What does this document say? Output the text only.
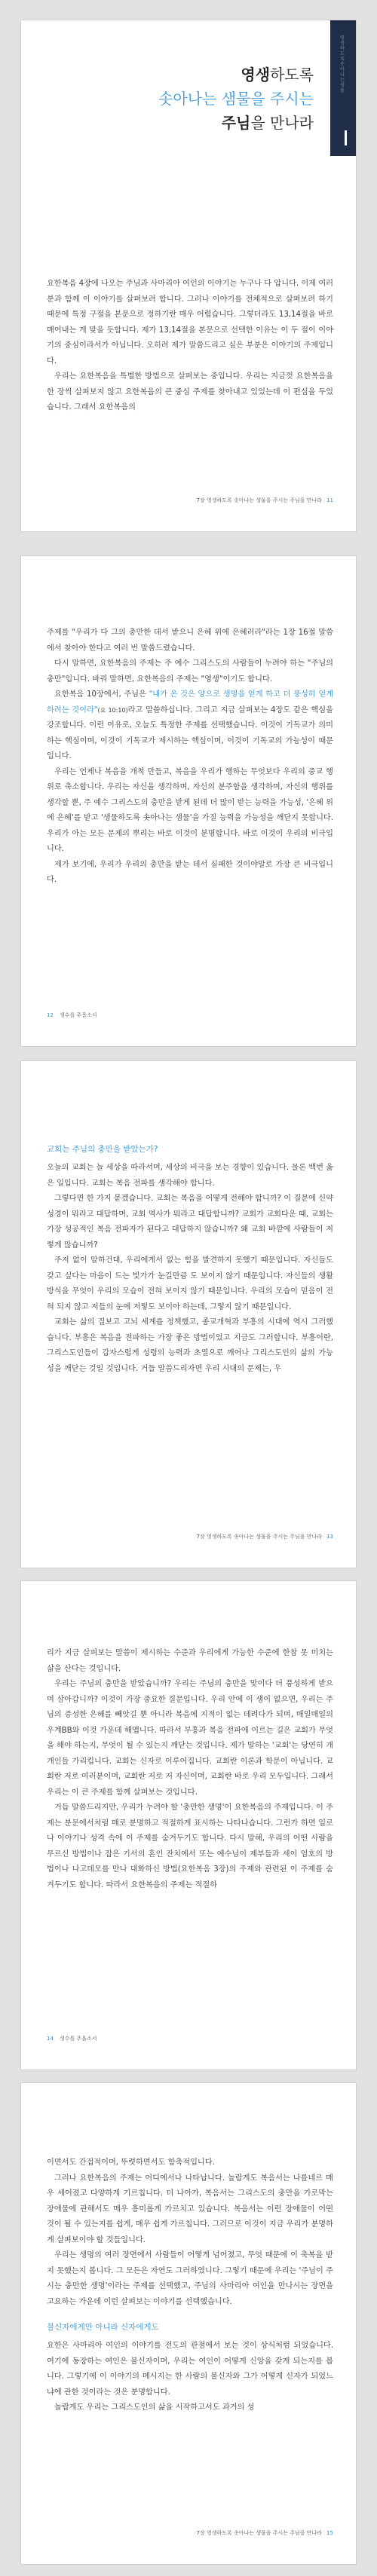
영생하도록 솟아나는 생물
영생하도록
솟아나는 샘물을 주시는
주님을 만나라

요한복음 4장에 나오는 주님과 사마리아 여인의 이야기는 누구나 다 압니다. 이제 여러분과 함께 이 이야기를 살펴보려 합니다. 그러나 이야기를 전체적으로 살펴보려 하기 때문에 특정 구절을 본문으로 정하기란 매우 어렵습니다. 그렇더라도 13,14절을 바로 매어내는 게 맞을 듯합니다. 제가 13,14절을 본문으로 선택한 이유는 이 두 절이 이야기의 중심이라서가 아닙니다. 오히려 제가 말씀드리고 싶은 부분은 이야기의 주제입니다.

우리는 요한복음을 특별한 방법으로 살펴보는 중입니다. 우리는 지금껏 요한복음을 한 장씩 살펴보지 않고 요한복음의 큰 중심 주제를 찾아내고 있었는데 이 편심을 두었습니다. 그래서 요한복음의

7장 영생하도록 솟아나는 생물을 주시는 주님을 만나라 11

주제를 "우리가 다 그의 충만한 데서 받으니 은혜 위에 은혜러라"라는 1장 16절 말씀에서 찾아야 한다고 여러 번 말씀드렸습니다.

다시 말하면, 요한복음의 주제는 주 예수 그리스도의 사람들이 누려야 하는 "주님의 충만"입니다. 바꿔 말하면, 요한복음의 주제는 "영생"이기도 합니다.

요한복음 10장에서, 주님은 "내가 온 것은 양으로 생명을 얻게 하고 더 풍성히 얻게 하려는 것이라"(요 10:10)라고 말씀하십니다. 그리고 지금 살펴보는 4장도 같은 핵심을 강조합니다. 이런 이유로, 오늘도 특정한 주제를 선택했습니다. 이것이 기독교가 의미하는 핵심이며, 이것이 기독교가 제시하는 핵심이며, 이것이 기독교의 가능성이 때문입니다.

우리는 언제나 복음을 개척 만들고, 복음을 우리가 행하는 무엇보다 우리의 중교 행위로 축소합니다. 우리는 자신을 생각하며, 자신의 분주함을 생각하며, 자신의 행위를 생각할 뿐, 주 예수 그리스도의 충만을 받게 된데 더 많이 받는 능력을 가능성, '은혜 위에 은혜'를 받고 '생물하도록 솟아나는 샘물'을 가질 능력을 가능성을 깨닫지 못합니다. 우리가 아는 모든 문제의 뿌리는 바로 이것이 분명합니다. 바로 이것이 우리의 비극입니다.

제가 보기에, 우리가 우리의 충만을 받는 데서 실패한 것이야말로 가장 큰 비극입니다.

12 생수를 주옵소서
교회는 주님의 충만을 받았는가?

오늘의 교회는 늘 세상을 따라서며, 세상의 비극을 보는 경향이 있습니다. 물론 백번 옳은 일입니다. 교회는 복음 전파를 생각해야 합니다.

그렇다면 한 가지 묻겠습니다. 교회는 복음을 어떻게 전해야 합니까? 이 질문에 신약성경이 뭐라고 대답하며, 교회 역사가 뭐라고 대답합니까? 교회가 교회다운 때, 교회는 가장 성공적인 복음 전파자가 된다고 대답하지 않습니까? 왜 교회 바깥에 사람들이 저렇게 많습니까?

주저 없이 말하건대, 우리에게서 없는 힘을 발견하지 못했기 때문입니다. 자신들도 갖고 싶다는 마음이 드는 빛가가 눈길만큼 도 보이지 않기 때문입니다. 자신들의 생활 방식을 무엇이 우리의 모습이 전혀 보이지 않기 때문입니다. 우리의 모습이 믿음이 전혀 되지 않고 저들의 눈에 저렇도 보이아 하는데, 그렇지 않기 때문입니다.

교회는 삶의 질보고 고뇌 세계를 정책했고, 종교개혁과 부흥의 시대에 역시 그러했습니다. 부흥은 복음을 전파하는 가장 좋은 방법이었고 지금도 그러합니다. 부흥이란, 그리스도인들이 갑자스럽게 성령의 능력과 초열으로 깨어나 그리스도인의 삶의 가능성을 깨닫는 것일 것입니다. 거들 말씀드리자면 우리 시대의 문제는, 우

7장 영생하도록 솟아나는 생물을 주시는 주님을 만나라 13

리가 지금 살펴보는 말씀이 제시하는 수준과 우리에게 가능한 수준에 한참 못 미치는 삶을 산다는 것입니다.

우리는 주님의 충만을 받았습니까? 우리는 주님의 충만을 맞이다 더 풍성하게 받으며 삼아갑니까? 이것이 가장 중요한 질문입니다. 우리 안에 이 생이 없으면, 우리는 주님의 증성한 은혜를 빼앗길 뿐 아니라 복음에 지적이 없는 데려다가 되며, 매일매일의 우계BB와 이것 가운데 해맵니다. 따라서 부흥과 복음 전파에 이르는 길은 교회가 무엇을 해야 하는지, 무엇이 될 수 있는지 깨닫는 것입니다. 제가 말하는 '교회'는 당연히 개개인들 가리킵니다. 교회는 신자로 이루어집니다. 교회란 이론과 학문이 아닙니다. 교회란 저로 여러분이며, 교회란 저로 저 자신이며, 교회란 바로 우리 모두입니다. 그래서 우리는 이 큰 주제를 함께 살펴보는 것입니다.

거듭 말씀드리지만, 우리가 누려야 할 '충만한 생명'이 요한복음의 주제입니다. 이 주제는 분문에서처럼 매로 분명하고 적절하게 표시하는 나타나습니다. 그런가 하면 일로나 이야기나 성격 속에 이 주제를 숨겨두기도 합니다. 다시 말해, 우리의 어떤 사람을 무르신 방법이나 잡은 기서의 혼인 잔치에서 또는 예수님이 제부들과 세이 엄호의 방법이나 나고데모를 만나 대화하신 방법(요한복음 3장)의 주제와 관련된 이 주제를 숨겨두기도 합니다. 따라서 요한복음의 주제는 적절하

14 생수를 주옵소서

이면서도 간접적이며, 뚜렷하면서도 함축적입니다.

그러나 요한복음의 주제는 어디에서나 나타납니다. 놀랍게도 복음서는 나를네르 매우 세어졌고 다양하게 기르칩니다. 더 나아가, 복음서는 그리스도의 충만을 가로막는 장애물에 관해서도 매우 흥미롭게 가르치고 있습니다. 복음서는 이런 장애물이 어떤 것이 될 수 있는지를 쉽게, 매우 쉽게 가르칩니다. 그러므로 이것이 지금 우리가 분명하게 살펴보이야 할 것들입니다.

우리는 생명의 여러 장면에서 사람들이 어떻게 넘어졌고, 무엇 때문에 이 축복을 받지 못했는지 봅니다. 그 모든은 자연도 그러하였니다. 그렇기 때문에 우리는 '주님이 주시는 충만한 생명'이라는 주제를 선택했고, 주님의 사마리아 여인을 만나시는 장면을 고요하는 가운데 이런 살펴보는 이야기를 선택했습니다.

불신자에게만 아니라 신자에게도

요한은 사마리아 여인의 이야기를 전도의 관점에서 보는 것이 상식처럼 되었습니다. 여기에 동장하는 여인은 불신자이며, 우리는 여인이 어떻게 신앙을 갖게 되는지를 봅니다. 그렇기에 이 이야기의 메시지는 한 사람의 불신자와 그가 어떻게 신자가 되었느냐에 관한 것이라는 것은 분명합니다.

놀랍게도 우리는 그리스도인의 삶을 시작하고서도 과거의 성

7장 영생하도록 솟아나는 생물을 주시는 주님을 만나라 15
